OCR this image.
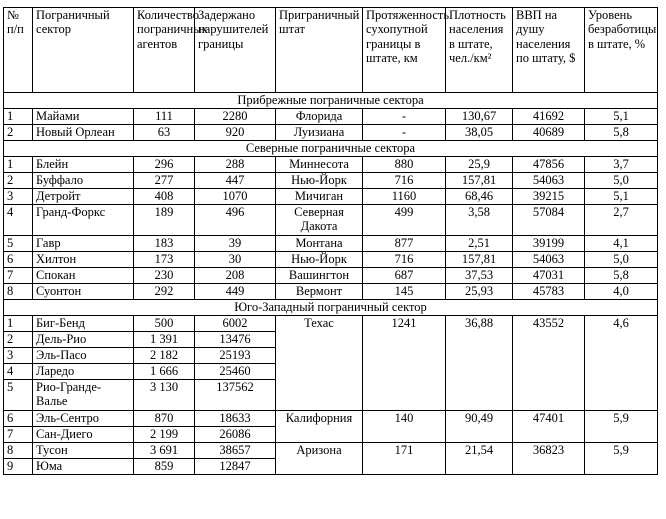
№ п/п	Пограничный сектор	Количество пограничных агентов	Задержано нарушителей границы	Приграничный штат	Протяженность сухопутной границы в штате, км	Плотность населения в штате, чел./км²	ВВП на душу населения по штату, $	Уровень безработицы в штате, %
Прибрежные пограничные сектора								
1	Майами	111	2280	Флорида	-	130,67	41692	5,1
2	Новый Орлеан	63	920	Луизиана	-	38,05	40689	5,8
Северные пограничные сектора								
1	Блейн	296	288	Миннесота	880	25,9	47856	3,7
2	Буффало	277	447	Нью-Йорк	716	157,81	54063	5,0
3	Детройт	408	1070	Мичиган	1160	68,46	39215	5,1
4	Гранд-Форкс	189	496	Северная Дакота	499	3,58	57084	2,7
5	Гавр	183	39	Монтана	877	2,51	39199	4,1
6	Хилтон	173	30	Нью-Йорк	716	157,81	54063	5,0
7	Спокан	230	208	Вашингтон	687	37,53	47031	5,8
8	Суонтон	292	449	Вермонт	145	25,93	45783	4,0
Юго-Западный пограничный сектор								
1	Биг-Бенд	500	6002	Техас	1241	36,88	43552	4,6
2	Дель-Рио	1 391	13476					
3	Эль-Пасо	2 182	25193					
4	Ларедо	1 666	25460					
5	Рио-Гранде-Валье	3 130	137562					
6	Эль-Сентро	870	18633	Калифорния	140	90,49	47401	5,9
7	Сан-Диего	2 199	26086					
8	Тусон	3 691	38657	Аризона	171	21,54	36823	5,9
9	Юма	859	12847					
